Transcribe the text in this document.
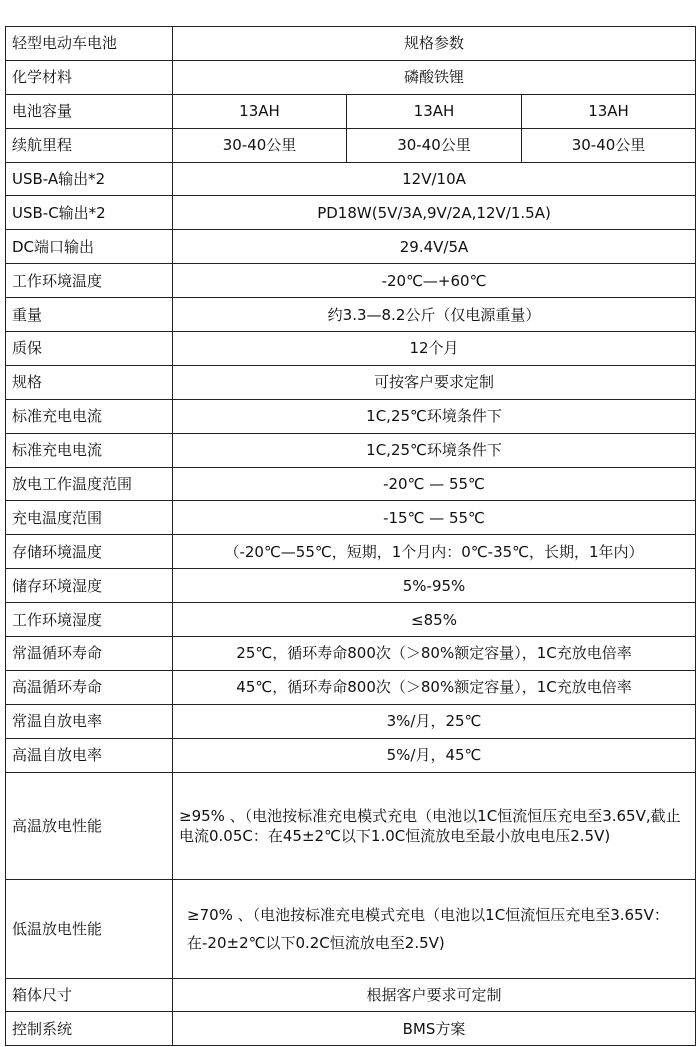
轻型电动车电池	规格参数		
化学材料	磷酸铁锂		
电池容量	13AH	13AH	13AH
续航里程	30-40公里	30-40公里	30-40公里
USB-A输出*2	12V/10A		
USB-C输出*2	PD18W(5V/3A,9V/2A,12V/1.5A)		
DC端口输出	29.4V/5A		
工作环境温度	-20℃—+60℃		
重量	约3.3—8.2公斤（仅电源重量）		
质保	12个月		
规格	可按客户要求定制		
标准充电电流	1C,25℃环境条件下		
标准充电电流	1C,25℃环境条件下		
放电工作温度范围	-20℃ — 55℃		
充电温度范围	-15℃ — 55℃		
存储环境温度	（-20℃—55℃，短期，1个月内：0℃-35℃，长期，1年内）		
储存环境湿度	5%-95%		
工作环境湿度	≤85%		
常温循环寿命	25℃，循环寿命800次（＞80%额定容量），1C充放电倍率		
高温循环寿命	45℃，循环寿命800次（＞80%额定容量），1C充放电倍率		
常温自放电率	3%/月，25℃		
高温自放电率	5%/月，45℃		
高温放电性能	≥95% 、（电池按标准充电模式充电（电池以1C恒流恒压充电至3.65V,截止电流0.05C：在45±2℃以下1.0C恒流放电至最小放电电压2.5V)		
低温放电性能	≥70% 、（电池按标准充电模式充电（电池以1C恒流恒压充电至3.65V：在-20±2℃以下0.2C恒流放电至2.5V)		
箱体尺寸	根据客户要求可定制		
控制系统	BMS方案		
